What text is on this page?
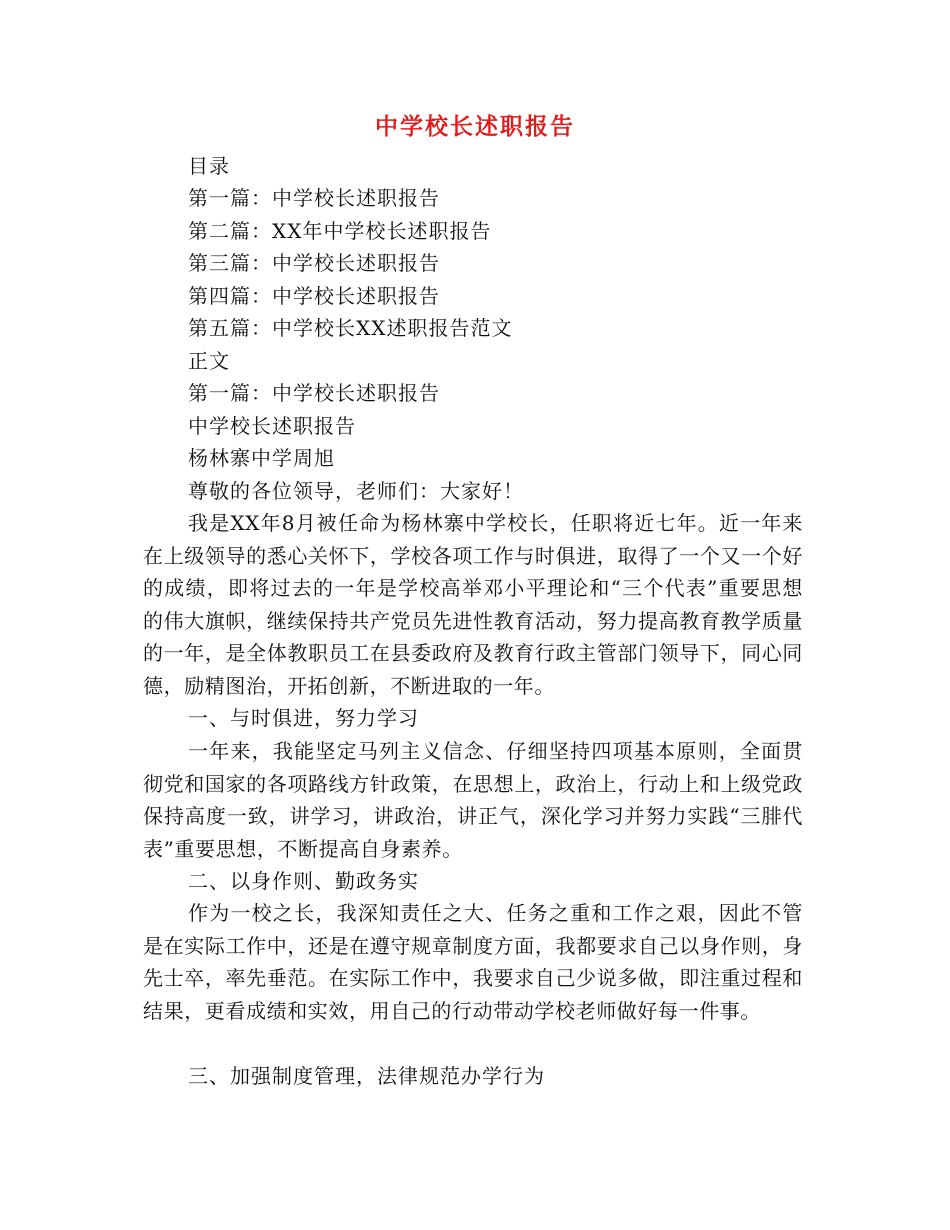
中学校长述职报告
目录
第一篇：中学校长述职报告
第二篇：XX年中学校长述职报告
第三篇：中学校长述职报告
第四篇：中学校长述职报告
第五篇：中学校长XX述职报告范文
正文
第一篇：中学校长述职报告
中学校长述职报告
杨林寨中学周旭
尊敬的各位领导，老师们：大家好！
我是XX年8月被任命为杨林寨中学校长，任职将近七年。近一年来在上级领导的悉心关怀下，学校各项工作与时俱进，取得了一个又一个好的成绩，即将过去的一年是学校高举邓小平理论和“三个代表”重要思想的伟大旗帜，继续保持共产党员先进性教育活动，努力提高教育教学质量的一年，是全体教职员工在县委政府及教育行政主管部门领导下，同心同德，励精图治，开拓创新，不断进取的一年。
一、与时俱进，努力学习
一年来，我能坚定马列主义信念、仔细坚持四项基本原则，全面贯彻党和国家的各项路线方针政策，在思想上，政治上，行动上和上级党政保持高度一致，讲学习，讲政治，讲正气，深化学习并努力实践“三腓代表”重要思想，不断提高自身素养。
二、以身作则、勤政务实
作为一校之长，我深知责任之大、任务之重和工作之艰，因此不管是在实际工作中，还是在遵守规章制度方面，我都要求自己以身作则，身先士卒，率先垂范。在实际工作中，我要求自己少说多做，即注重过程和结果，更看成绩和实效，用自己的行动带动学校老师做好每一件事。
三、加强制度管理，法律规范办学行为
